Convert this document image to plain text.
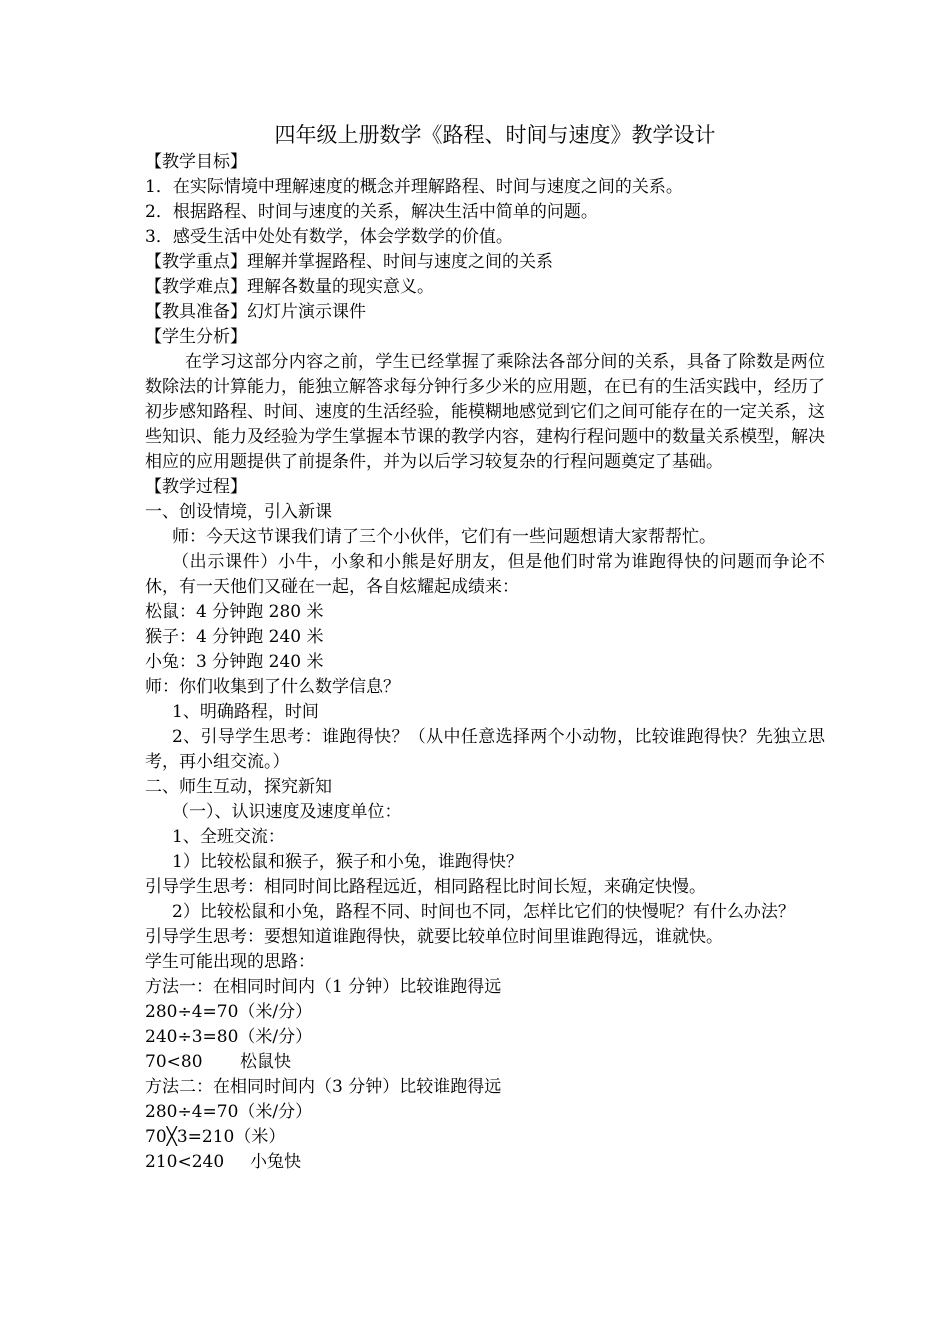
四年级上册数学《路程、时间与速度》教学设计

【教学目标】

1．在实际情境中理解速度的概念并理解路程、时间与速度之间的关系。

2．根据路程、时间与速度的关系，解决生活中简单的问题。

3．感受生活中处处有数学，体会学数学的价值。

【教学重点】理解并掌握路程、时间与速度之间的关系

【教学难点】理解各数量的现实意义。

【教具准备】幻灯片演示课件

【学生分析】

在学习这部分内容之前，学生已经掌握了乘除法各部分间的关系，具备了除数是两位数除法的计算能力，能独立解答求每分钟行多少米的应用题，在已有的生活实践中，经历了初步感知路程、时间、速度的生活经验，能模糊地感觉到它们之间可能存在的一定关系，这些知识、能力及经验为学生掌握本节课的教学内容，建构行程问题中的数量关系模型，解决相应的应用题提供了前提条件，并为以后学习较复杂的行程问题奠定了基础。

【教学过程】

一、创设情境，引入新课

师：今天这节课我们请了三个小伙伴，它们有一些问题想请大家帮帮忙。

（出示课件）小牛，小象和小熊是好朋友，但是他们时常为谁跑得快的问题而争论不休，有一天他们又碰在一起，各自炫耀起成绩来：

松鼠：4 分钟跑 280 米

猴子：4 分钟跑 240 米

小兔：3 分钟跑 240 米

师：你们收集到了什么数学信息？

1、明确路程，时间

2、引导学生思考：谁跑得快？（从中任意选择两个小动物，比较谁跑得快？先独立思考，再小组交流。）

二、师生互动，探究新知

（一）、认识速度及速度单位：

1、全班交流：

1）比较松鼠和猴子，猴子和小兔，谁跑得快？

引导学生思考：相同时间比路程远近，相同路程比时间长短，来确定快慢。

2）比较松鼠和小兔，路程不同、时间也不同，怎样比它们的快慢呢？有什么办法？

引导学生思考：要想知道谁跑得快，就要比较单位时间里谁跑得远，谁就快。

学生可能出现的思路：

方法一：在相同时间内（1 分钟）比较谁跑得远

280÷4=70（米/分）

240÷3=80（米/分）

70<80 松鼠快

方法二：在相同时间内（3 分钟）比较谁跑得远

280÷4=70（米/分）

70╳3=210（米）

210<240 小兔快
